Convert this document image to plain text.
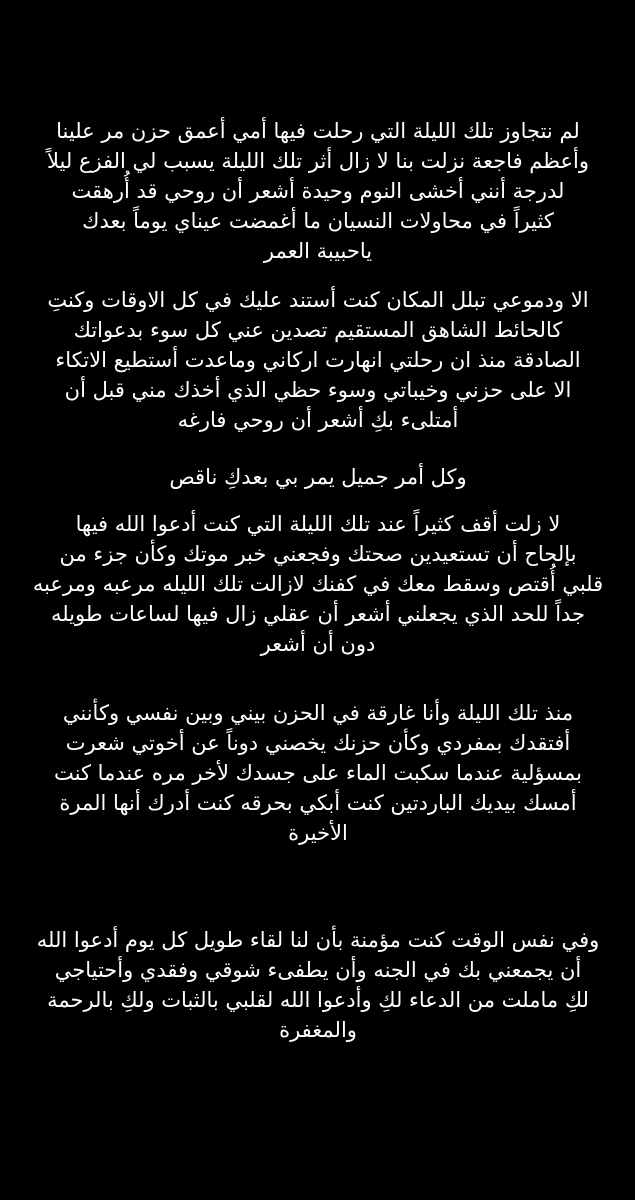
لم نتجاوز تلك الليلة التي رحلت فيها أمي أعمق حزن مر علينا
وأعظم فاجعة نزلت بنا لا زال أثر تلك الليلة يسبب لي الفزع ليلاً
لدرجة أنني أخشى النوم وحيدة أشعر أن روحي قد أُرهقت
كثيراً في محاولات النسيان ما أغمضت عيناي يوماً بعدك
ياحبيبة العمر
الا ودموعي تبلل المكان كنت أستند عليك في كل الاوقات وكنتِ
كالحائط الشاهق المستقيم تصدين عني كل سوء بدعواتك
الصادقة منذ ان رحلتي انهارت اركاني وماعدت أستطيع الاتكاء
الا على حزني وخيباتي وسوء حظي الذي أخذك مني قبل أن
أمتلىء بكِ أشعر أن روحي فارغه
وكل أمر جميل يمر بي بعدكِ ناقص
لا زلت أقف كثيراً عند تلك الليلة التي كنت أدعوا الله فيها
بإلحاح أن تستعيدين صحتك وفجعني خبر موتك وكأن جزء من
قلبي أُقتص وسقط معك في كفنك لازالت تلك الليله مرعبه ومرعبه
جداً للحد الذي يجعلني أشعر أن عقلي زال فيها لساعات طويله
دون أن أشعر
منذ تلك الليلة وأنا غارقة في الحزن بيني وبين نفسي وكأنني
أفتقدك بمفردي وكأن حزنك يخصني دوناً عن أخوتي شعرت
بمسؤلية عندما سكبت الماء على جسدك لأخر مره عندما كنت
أمسك بيديك الباردتين كنت أبكي بحرقه كنت أدرك أنها المرة
الأخيرة
وفي نفس الوقت كنت مؤمنة بأن لنا لقاء طويل كل يوم أدعوا الله
أن يجمعني بك في الجنه وأن يطفىء شوقي وفقدي وأحتياجي
لكِ ماملت من الدعاء لكِ وأدعوا الله لقلبي بالثبات ولكِ بالرحمة
والمغفرة
